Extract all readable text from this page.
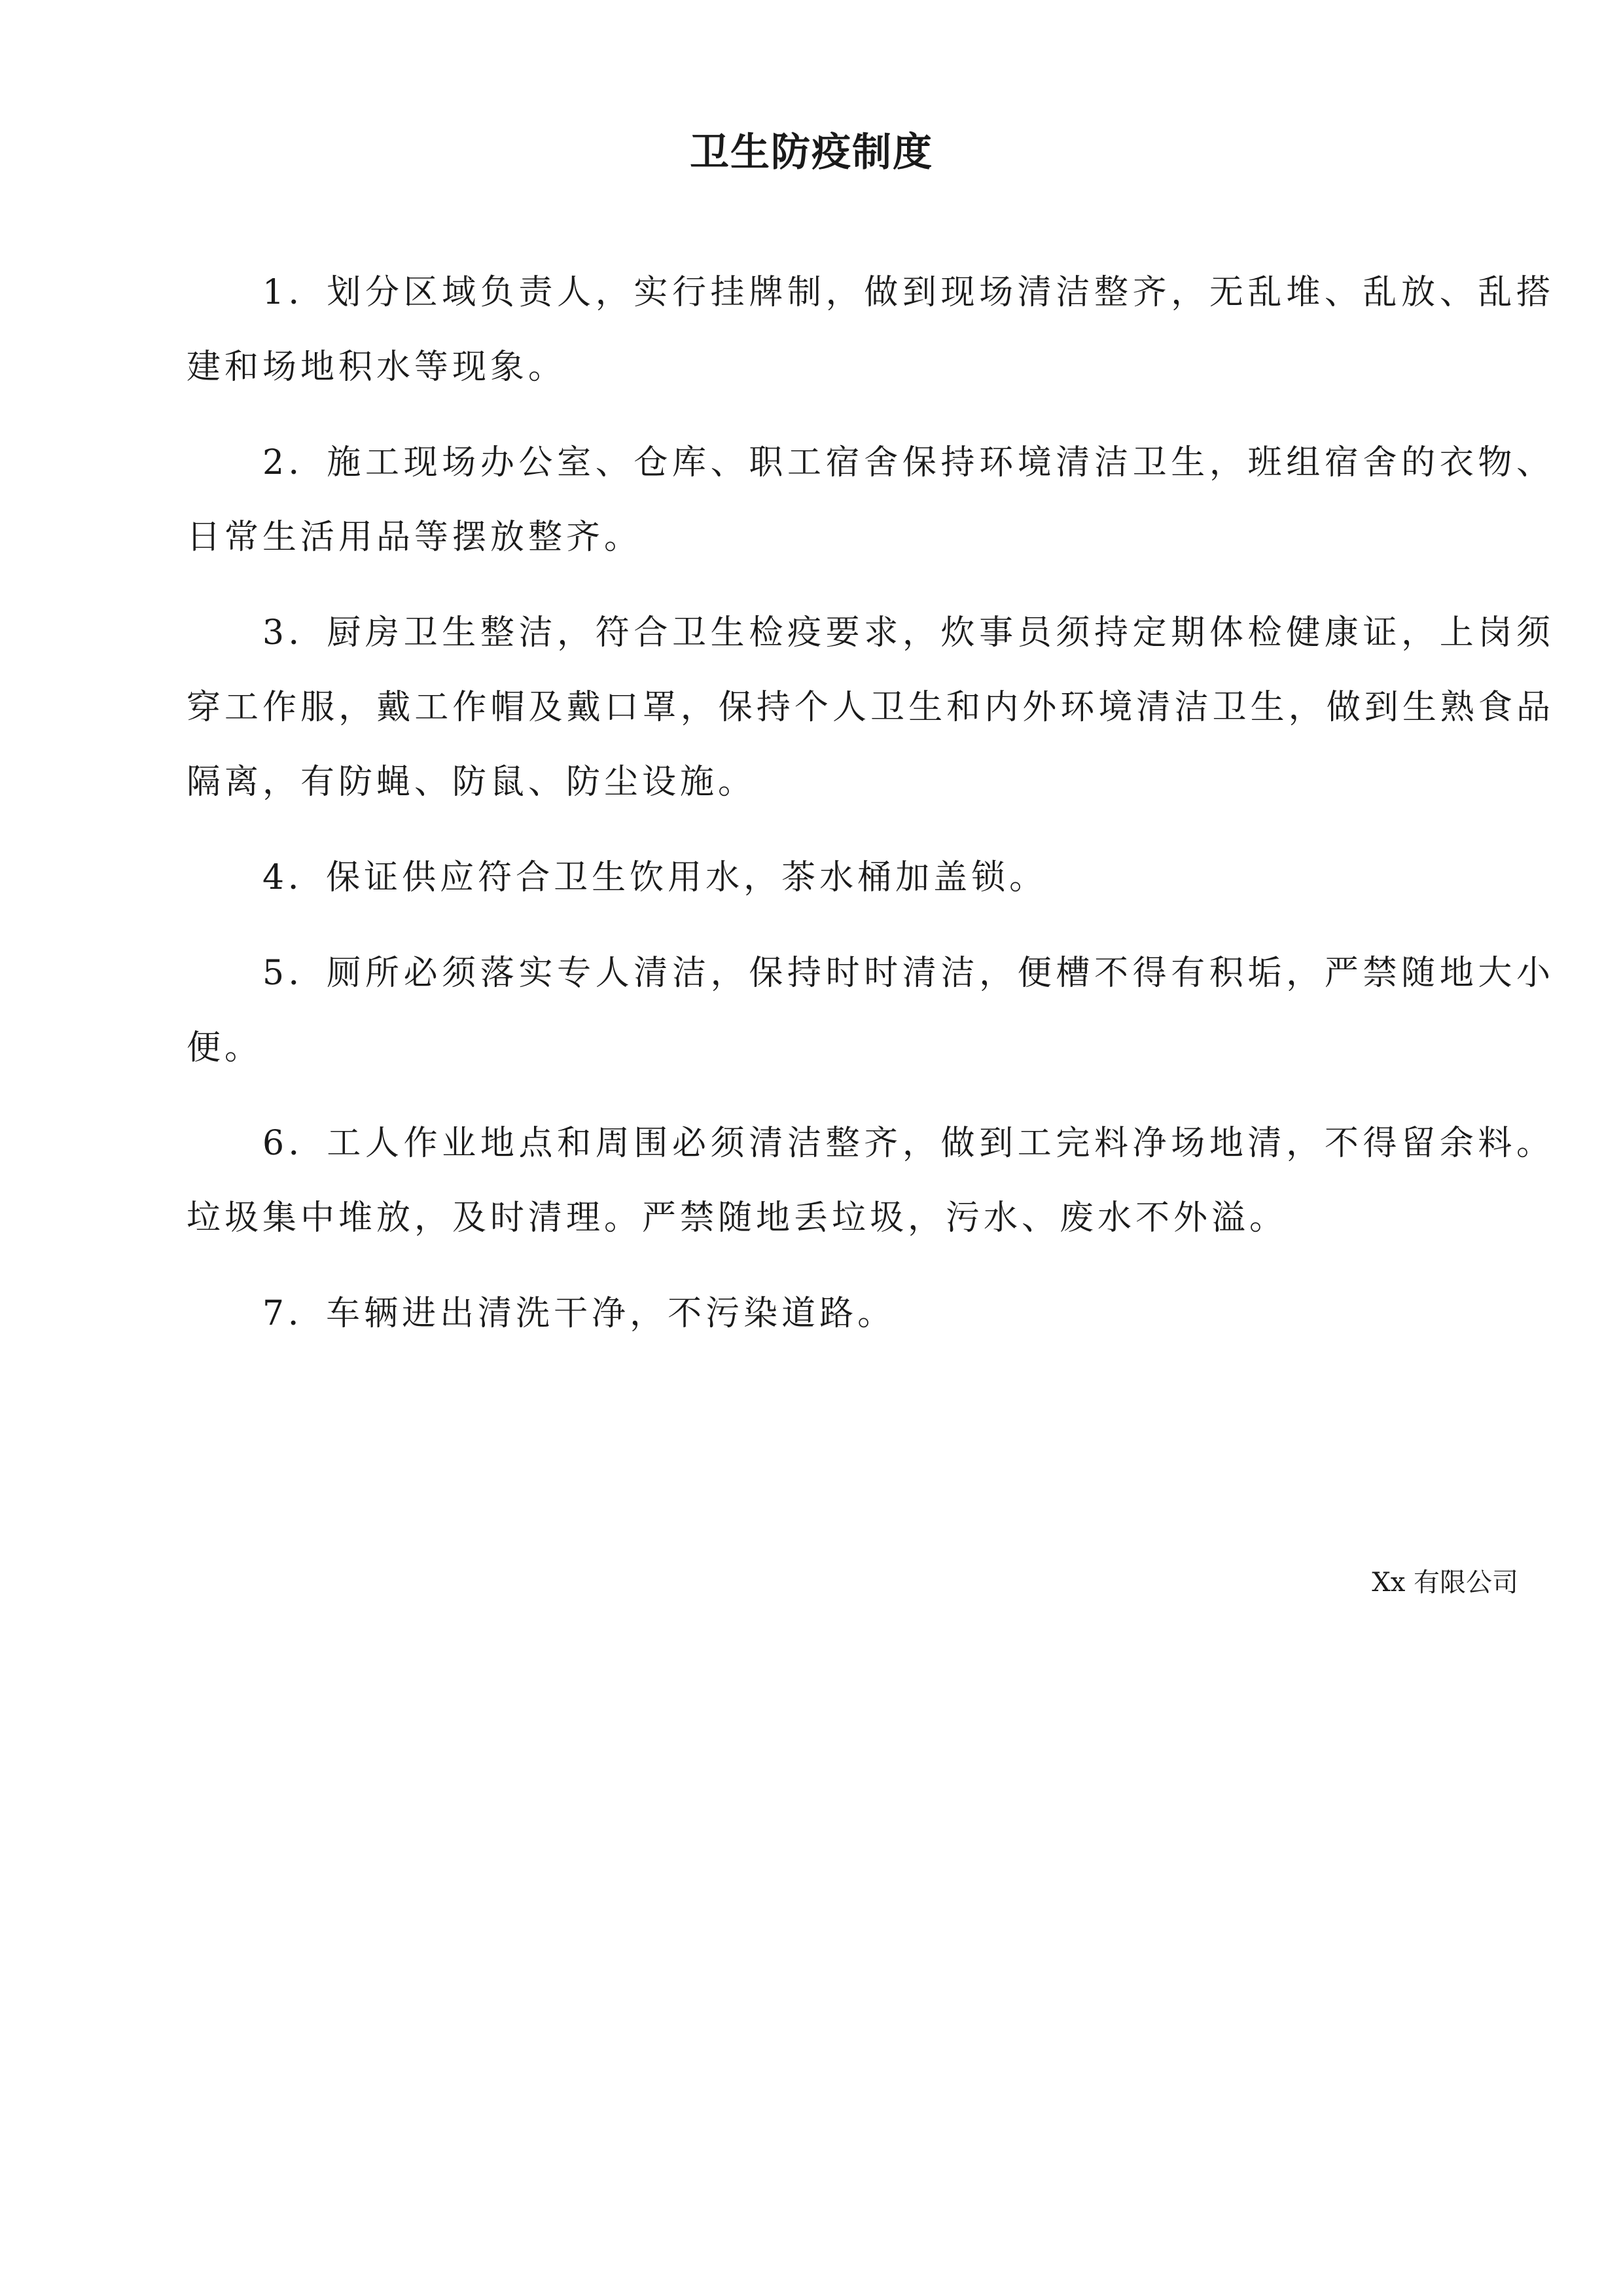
卫生防疫制度

1．划分区域负责人，实行挂牌制，做到现场清洁整齐，无乱堆、乱放、乱搭建和场地积水等现象。

2．施工现场办公室、仓库、职工宿舍保持环境清洁卫生，班组宿舍的衣物、日常生活用品等摆放整齐。

3．厨房卫生整洁，符合卫生检疫要求，炊事员须持定期体检健康证，上岗须穿工作服，戴工作帽及戴口罩，保持个人卫生和内外环境清洁卫生，做到生熟食品隔离，有防蝇、防鼠、防尘设施。

4．保证供应符合卫生饮用水，茶水桶加盖锁。

5．厕所必须落实专人清洁，保持时时清洁，便槽不得有积垢，严禁随地大小便。

6．工人作业地点和周围必须清洁整齐，做到工完料净场地清，不得留余料。垃圾集中堆放，及时清理。严禁随地丢垃圾，污水、废水不外溢。

7．车辆进出清洗干净，不污染道路。

Xx 有限公司
